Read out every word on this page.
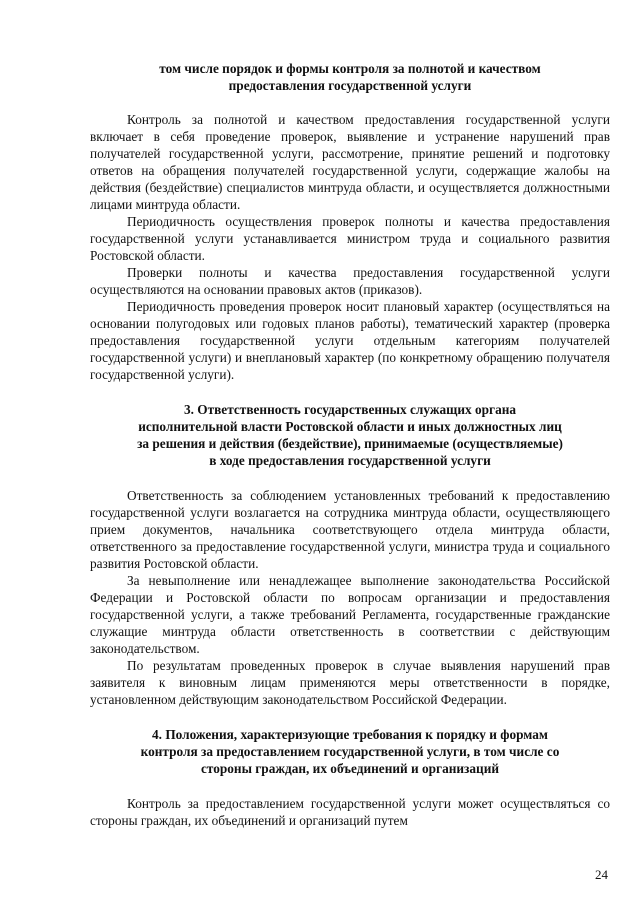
том числе порядок и формы контроля за полнотой и качеством
предоставления государственной услуги

Контроль за полнотой и качеством предоставления государственной услуги включает в себя проведение проверок, выявление и устранение нарушений прав получателей государственной услуги, рассмотрение, принятие решений и подготовку ответов на обращения получателей государственной услуги, содержащие жалобы на действия (бездействие) специалистов минтруда области, и осуществляется должностными лицами минтруда области.

Периодичность осуществления проверок полноты и качества предоставления государственной услуги устанавливается министром труда и социального развития Ростовской области.

Проверки полноты и качества предоставления государственной услуги осуществляются на основании правовых актов (приказов).

Периодичность проведения проверок носит плановый характер (осуществляться на основании полугодовых или годовых планов работы), тематический характер (проверка предоставления государственной услуги отдельным категориям получателей государственной услуги) и внеплановый характер (по конкретному обращению получателя государственной услуги).

3. Ответственность государственных служащих органа
исполнительной власти Ростовской области и иных должностных лиц
за решения и действия (бездействие), принимаемые (осуществляемые)
в ходе предоставления государственной услуги

Ответственность за соблюдением установленных требований к предоставлению государственной услуги возлагается на сотрудника минтруда области, осуществляющего прием документов, начальника соответствующего отдела минтруда области, ответственного за предоставление государственной услуги, министра труда и социального развития Ростовской области.

За невыполнение или ненадлежащее выполнение законодательства Российской Федерации и Ростовской области по вопросам организации и предоставления государственной услуги, а также требований Регламента, государственные гражданские служащие минтруда области ответственность в соответствии с действующим законодательством.

По результатам проведенных проверок в случае выявления нарушений прав заявителя к виновным лицам применяются меры ответственности в порядке, установленном действующим законодательством Российской Федерации.

4. Положения, характеризующие требования к порядку и формам
контроля за предоставлением государственной услуги, в том числе со
стороны граждан, их объединений и организаций

Контроль за предоставлением государственной услуги может осуществляться со стороны граждан, их объединений и организаций путем

24
